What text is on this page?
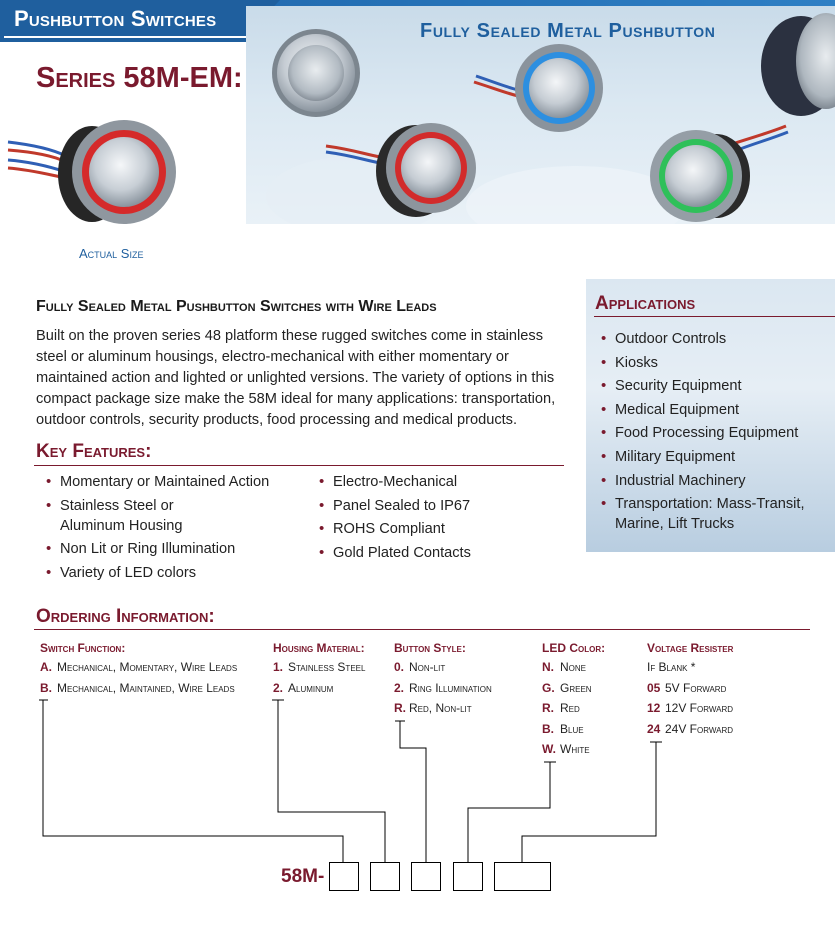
Pushbutton Switches	Fully Sealed Metal Pushbutton
Series 58M-EM:
Actual Size
Fully Sealed Metal Pushbutton Switches with Wire Leads
Built on the proven series 48 platform these rugged switches come in stainless steel or aluminum housings, electro-mechanical with either momentary or maintained action and lighted or unlighted versions. The variety of options in this compact package size make the 58M ideal for many applications: transportation, outdoor controls, security products, food processing and medical products.
Key Features:
• Momentary or Maintained Action
• Stainless Steel or Aluminum Housing
• Non Lit or Ring Illumination
• Variety of LED colors
• Electro-Mechanical
• Panel Sealed to IP67
• ROHS Compliant
• Gold Plated Contacts
Applications
• Outdoor Controls
• Kiosks
• Security Equipment
• Medical Equipment
• Food Processing Equipment
• Military Equipment
• Industrial Machinery
• Transportation: Mass-Transit, Marine, Lift Trucks
Ordering Information:
Switch Function:
A. Mechanical, Momentary, Wire Leads
B. Mechanical, Maintained, Wire Leads
Housing Material:
1. Stainless Steel
2. Aluminum
Button Style:
0. Non-lit
2. Ring Illumination
R. Red, Non-lit
LED Color:
N. None
G. Green
R. Red
B. Blue
W. White
Voltage Resister
If Blank *
05 5V Forward
12 12V Forward
24 24V Forward
58M-
